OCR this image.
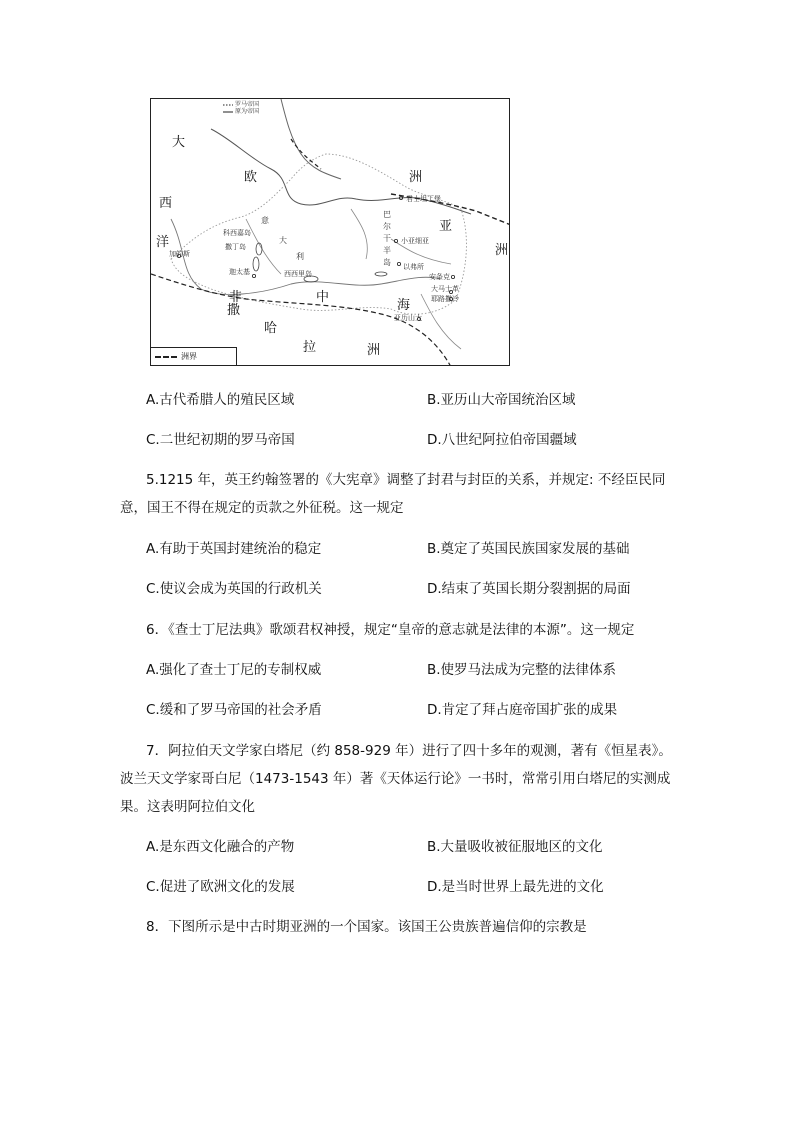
罗马帝国
原为帝国
大
西
洋
欧	洲
亚
洲
非	中
海
撒
哈
拉	洲
君士坦丁堡
巴
尔
干
半
岛
小亚细亚
以弗所
意
大
利
科西嘉岛
撒丁岛
迦太基	西西里岛
加的斯
安条克
大马士革
耶路撒冷
亚历山大
洲界
A.古代希腊人的殖民区域	B.亚历山大帝国统治区域
C.二世纪初期的罗马帝国	D.八世纪阿拉伯帝国疆域
5.1215 年，英王约翰签署的《大宪章》调整了封君与封臣的关系，并规定: 不经臣民同
意，国王不得在规定的贡款之外征税。这一规定
A.有助于英国封建统治的稳定	B.奠定了英国民族国家发展的基础
C.使议会成为英国的行政机关	D.结束了英国长期分裂割据的局面
6．《查士丁尼法典》歌颂君权神授，规定“皇帝的意志就是法律的本源”。这一规定
A.强化了查士丁尼的专制权威	B.使罗马法成为完整的法律体系
C.缓和了罗马帝国的社会矛盾	D.肯定了拜占庭帝国扩张的成果
7．阿拉伯天文学家白塔尼（约 858-929 年）进行了四十多年的观测，著有《恒星表》。
波兰天文学家哥白尼（1473-1543 年）著《天体运行论》一书时，常常引用白塔尼的实测成
果。这表明阿拉伯文化
A.是东西文化融合的产物	B.大量吸收被征服地区的文化
C.促进了欧洲文化的发展	D.是当时世界上最先进的文化
8．下图所示是中古时期亚洲的一个国家。该国王公贵族普遍信仰的宗教是
